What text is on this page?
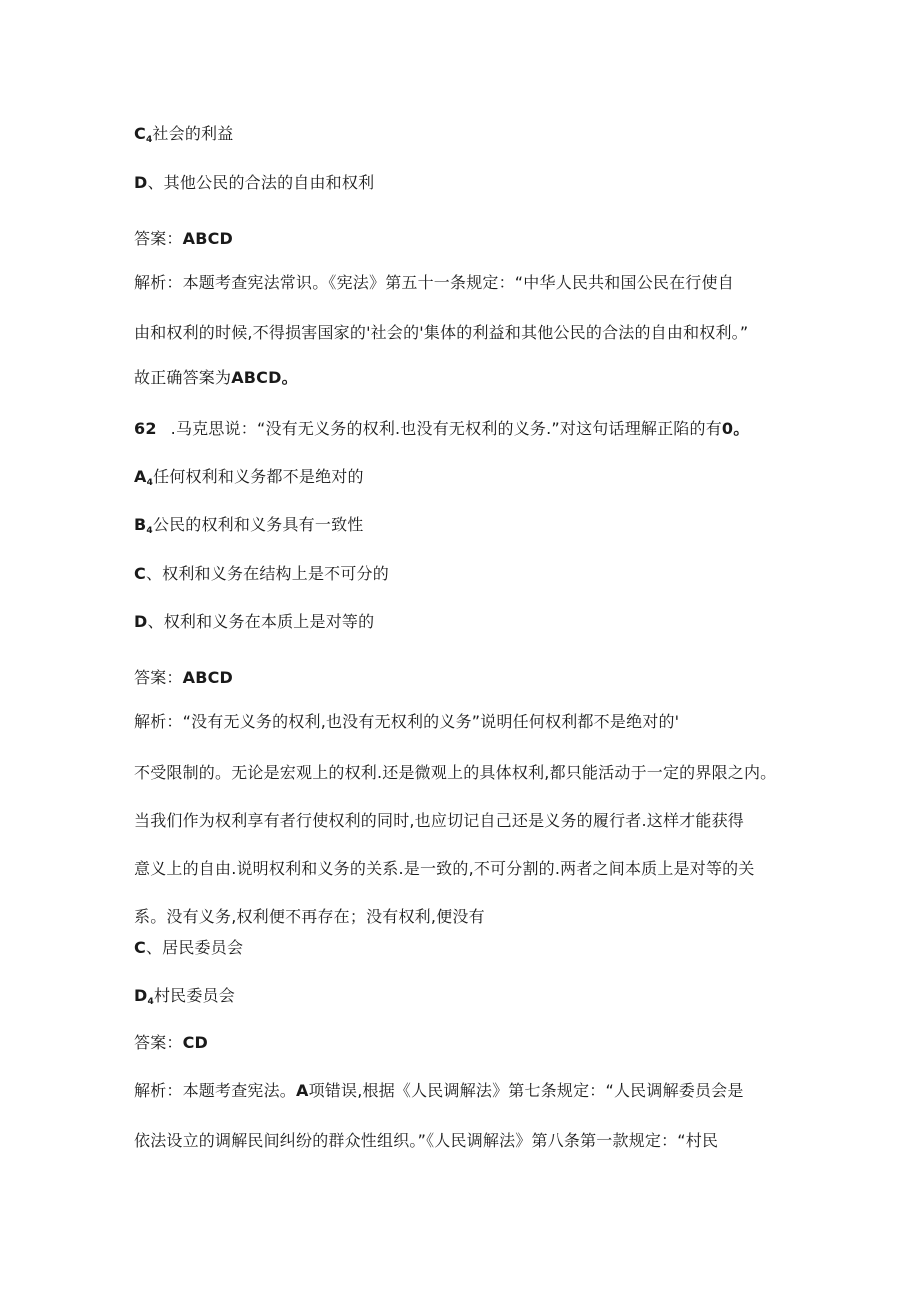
$C_4$社会的利益
D、其他公民的合法的自由和权利
答案：ABCD
解析：本题考查宪法常识。《宪法》第五十一条规定：“中华人民共和国公民在行使自
由和权利的时候,不得损害国家的'社会的'集体的利益和其他公民的合法的自由和权利。”
故正确答案为ABCD。
62 .马克思说：“没有无义务的权利.也没有无权利的义务.”对这句话理解正陷的有0。
$A_4$任何权利和义务都不是绝对的
$B_4$公民的权利和义务具有一致性
C、权利和义务在结构上是不可分的
D、权利和义务在本质上是对等的
答案：ABCD
解析：“没有无义务的权利,也没有无权利的义务”说明任何权利都不是绝对的'
不受限制的。无论是宏观上的权利.还是微观上的具体权利,都只能活动于一定的界限之内。
当我们作为权利享有者行使权利的同时,也应切记自己还是义务的履行者.这样才能获得
意义上的自由.说明权利和义务的关系.是一致的,不可分割的.两者之间本质上是对等的关
系。没有义务,权利便不再存在；没有权利,便没有
C、居民委员会
$D_4$村民委员会
答案：CD
解析：本题考查宪法。A项错误,根据《人民调解法》第七条规定：“人民调解委员会是
依法设立的调解民间纠纷的群众性组织。”《人民调解法》第八条第一款规定：“村民
